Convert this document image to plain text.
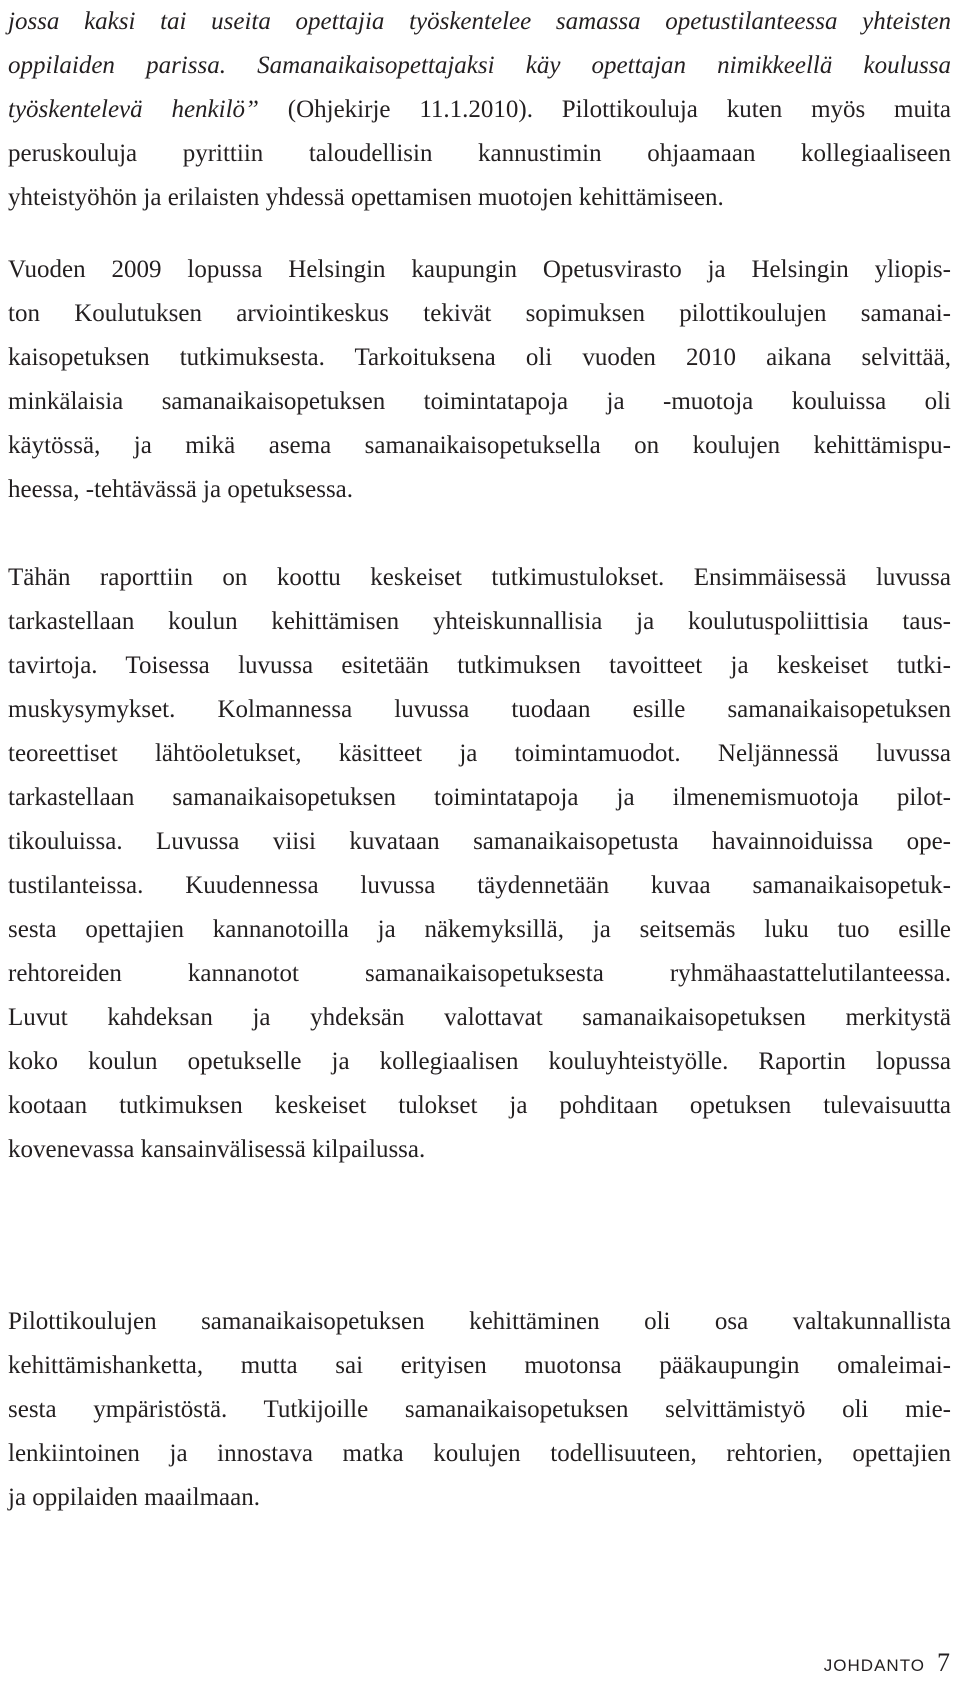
jossa kaksi tai useita opettajia työskentelee samassa opetustilanteessa yhteisten
oppilaiden parissa. Samanaikaisopettajaksi käy opettajan nimikkeellä koulussa
työskentelevä henkilö” (Ohjekirje 11.1.2010). Pilottikouluja kuten myös muita
peruskouluja pyrittiin taloudellisin kannustimin ohjaamaan kollegiaaliseen
yhteistyöhön ja erilaisten yhdessä opettamisen muotojen kehittämiseen.
Vuoden 2009 lopussa Helsingin kaupungin Opetusvirasto ja Helsingin yliopis-
ton Koulutuksen arviointikeskus tekivät sopimuksen pilottikoulujen samanai-
kaisopetuksen tutkimuksesta. Tarkoituksena oli vuoden 2010 aikana selvittää,
minkälaisia samanaikaisopetuksen toimintatapoja ja -muotoja kouluissa oli
käytössä, ja mikä asema samanaikaisopetuksella on koulujen kehittämispu-
heessa, -tehtävässä ja opetuksessa.
Tähän raporttiin on koottu keskeiset tutkimustulokset. Ensimmäisessä luvussa
tarkastellaan koulun kehittämisen yhteiskunnallisia ja koulutuspoliittisia taus-
tavirtoja. Toisessa luvussa esitetään tutkimuksen tavoitteet ja keskeiset tutki-
muskysymykset. Kolmannessa luvussa tuodaan esille samanaikaisopetuksen
teoreettiset lähtöoletukset, käsitteet ja toimintamuodot. Neljännessä luvussa
tarkastellaan samanaikaisopetuksen toimintatapoja ja ilmenemismuotoja pilot-
tikouluissa. Luvussa viisi kuvataan samanaikaisopetusta havainnoiduissa ope-
tustilanteissa. Kuudennessa luvussa täydennetään kuvaa samanaikaisopetuk-
sesta opettajien kannanotoilla ja näkemyksillä, ja seitsemäs luku tuo esille
rehtoreiden kannanotot samanaikaisopetuksesta ryhmähaastattelutilanteessa.
Luvut kahdeksan ja yhdeksän valottavat samanaikaisopetuksen merkitystä
koko koulun opetukselle ja kollegiaalisen kouluyhteistyölle. Raportin lopussa
kootaan tutkimuksen keskeiset tulokset ja pohditaan opetuksen tulevaisuutta
kovenevassa kansainvälisessä kilpailussa.
Pilottikoulujen samanaikaisopetuksen kehittäminen oli osa valtakunnallista
kehittämishanketta, mutta sai erityisen muotonsa pääkaupungin omaleimai-
sesta ympäristöstä. Tutkijoille samanaikaisopetuksen selvittämistyö oli mie-
lenkiintoinen ja innostava matka koulujen todellisuuteen, rehtorien, opettajien
ja oppilaiden maailmaan.
JOHDANTO 7
